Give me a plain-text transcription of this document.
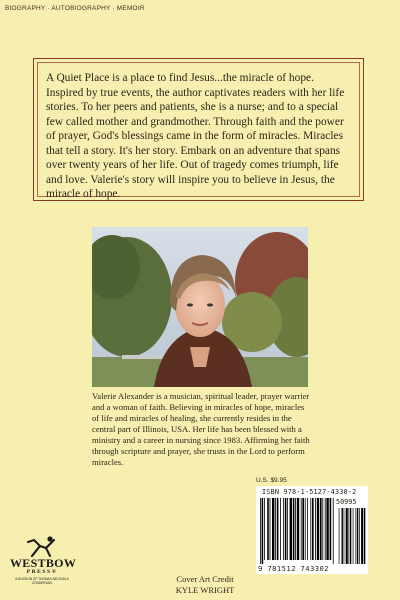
BIOGRAPHY · AUTOBIOGRAPHY · MEMOIR

A Quiet Place is a place to find Jesus...the miracle of hope. Inspired by true events, the author captivates readers with her life stories. To her peers and patients, she is a nurse; and to a special few called mother and grandmother. Through faith and the power of prayer, God's blessings came in the form of miracles. Miracles that tell a story. It's her story. Embark on an adventure that spans over twenty years of her life. Out of tragedy comes triumph, life and love. Valerie's story will inspire you to believe in Jesus, the miracle of hope.

Valerie Alexander is a musician, spiritual leader, prayer warrier and a woman of faith. Believing in miracles of hope, miracles of life and miracles of healing, she currently resides in the central part of Illinois, USA. Her life has been blessed with a ministry and a career in nursing since 1983. Affirming her faith through scripture and prayer, she trusts in the Lord to perform miracles.

U.S. $9.95
ISBN 978-1-5127-4330-2
50995
9 781512 743302
WESTBOW
PRESS®
A DIVISION OF THOMAS NELSON & ZONDERVAN	Cover Art Credit
KYLE WRIGHT
